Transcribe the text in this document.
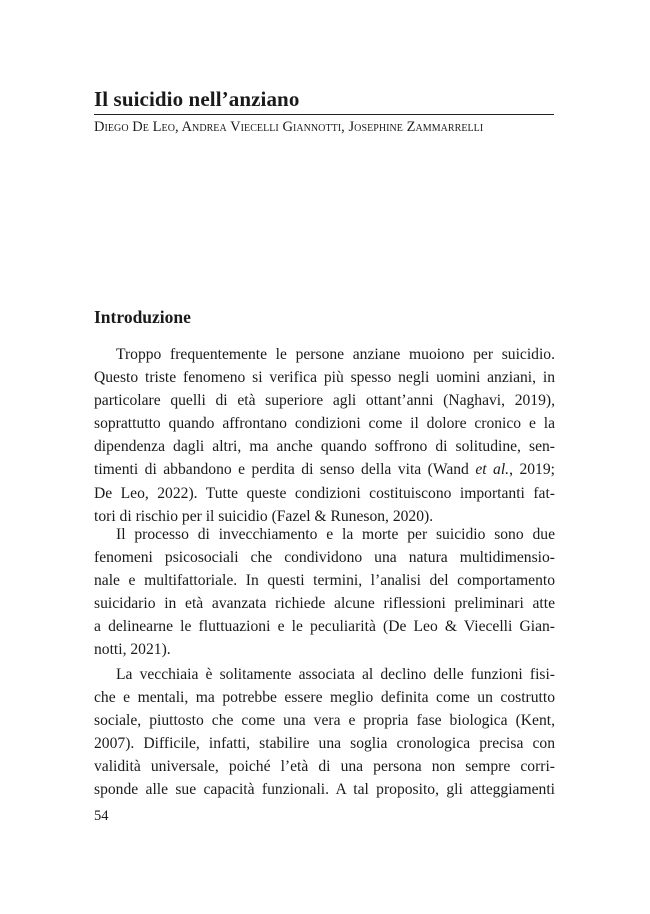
Il suicidio nell’anziano

Diego De Leo, Andrea Viecelli Giannotti, Josephine Zammarrelli

Introduzione
Troppo frequentemente le persone anziane muoiono per suicidio.
Questo triste fenomeno si verifica più spesso negli uomini anziani, in
particolare quelli di età superiore agli ottant’anni (Naghavi, 2019),
soprattutto quando affrontano condizioni come il dolore cronico e la
dipendenza dagli altri, ma anche quando soffrono di solitudine, sen-
timenti di abbandono e perdita di senso della vita (Wand et al., 2019;
De Leo, 2022). Tutte queste condizioni costituiscono importanti fat-
tori di rischio per il suicidio (Fazel & Runeson, 2020).
Il processo di invecchiamento e la morte per suicidio sono due
fenomeni psicosociali che condividono una natura multidimensio-
nale e multifattoriale. In questi termini, l’analisi del comportamento
suicidario in età avanzata richiede alcune riflessioni preliminari atte
a delinearne le fluttuazioni e le peculiarità (De Leo & Viecelli Gian-
notti, 2021).
La vecchiaia è solitamente associata al declino delle funzioni fisi-
che e mentali, ma potrebbe essere meglio definita come un costrutto
sociale, piuttosto che come una vera e propria fase biologica (Kent,
2007). Difficile, infatti, stabilire una soglia cronologica precisa con
validità universale, poiché l’età di una persona non sempre corri-
sponde alle sue capacità funzionali. A tal proposito, gli atteggiamenti

54
